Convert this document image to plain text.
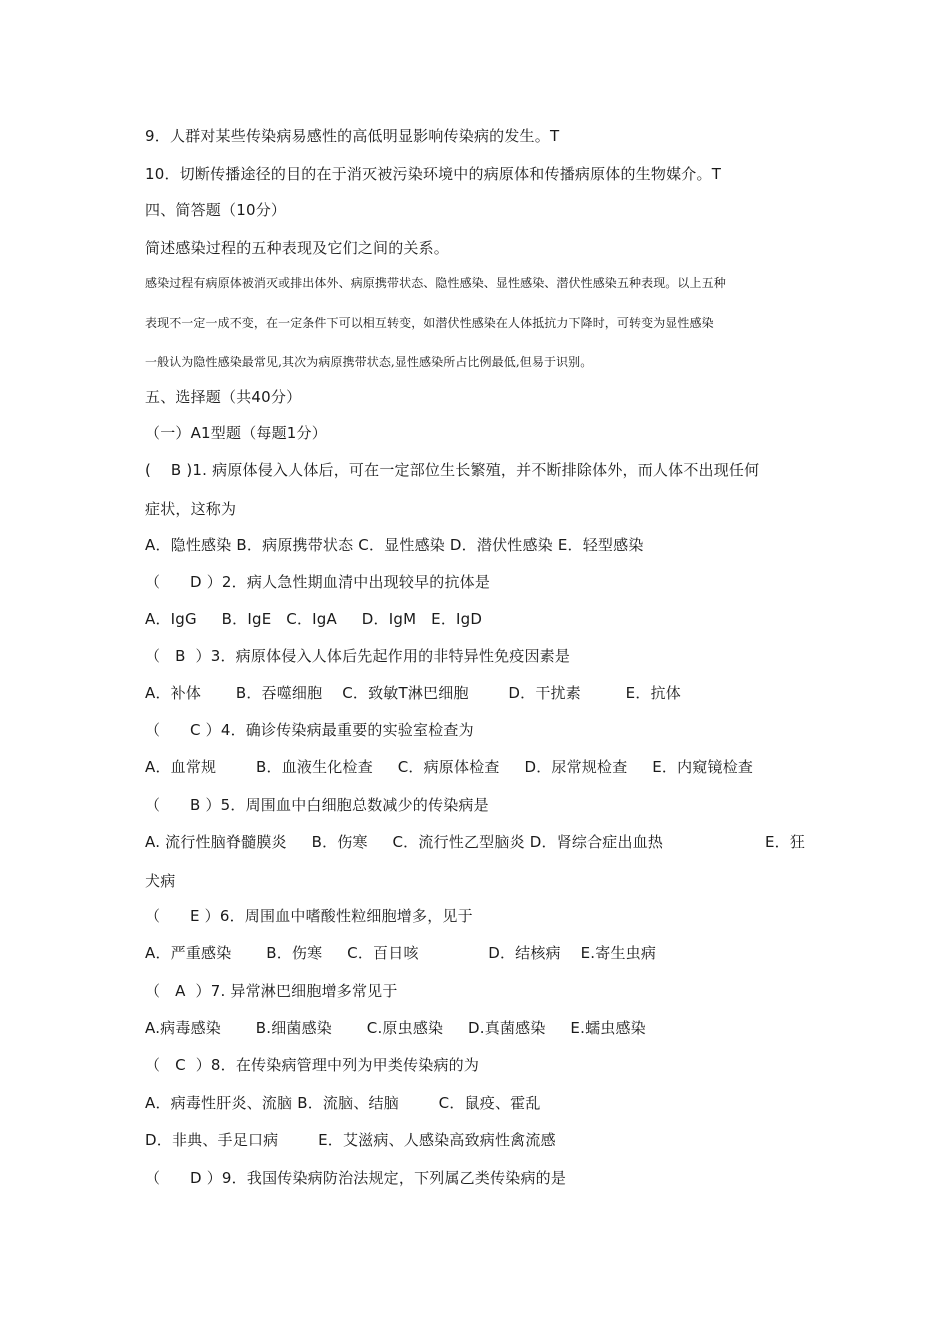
9．人群对某些传染病易感性的高低明显影响传染病的发生。T
10．切断传播途径的目的在于消灭被污染环境中的病原体和传播病原体的生物媒介。T
四、简答题（10分）
简述感染过程的五种表现及它们之间的关系。
感染过程有病原体被消灭或排出体外、病原携带状态、隐性感染、显性感染、潜伏性感染五种表现。以上五种
表现不一定一成不变，在一定条件下可以相互转变，如潜伏性感染在人体抵抗力下降时，可转变为显性感染
一般认为隐性感染最常见,其次为病原携带状态,显性感染所占比例最低,但易于识别。
五、选择题（共40分）
（一）A1型题（每题1分）
(    B )1. 病原体侵入人体后，可在一定部位生长繁殖，并不断排除体外，而人体不出现任何
症状，这称为
A．隐性感染 B．病原携带状态 C．显性感染 D．潜伏性感染 E．轻型感染
（      D ）2．病人急性期血清中出现较早的抗体是
A．IgG     B．IgE   C．IgA     D．IgM   E．IgD
（   B  ）3．病原体侵入人体后先起作用的非特异性免疫因素是
A．补体       B．吞噬细胞    C．致敏T淋巴细胞        D．干扰素         E．抗体
（      C ）4．确诊传染病最重要的实验室检查为
A．血常规        B．血液生化检查     C．病原体检查     D．尿常规检查     E．内窥镜检查
（      B ）5．周围血中白细胞总数减少的传染病是
A. 流行性脑脊髓膜炎     B．伤寒     C．流行性乙型脑炎 D．肾综合症出血热	E．狂
犬病
（      E ）6．周围血中嗜酸性粒细胞增多，见于
A．严重感染       B．伤寒     C．百日咳              D．结核病    E.寄生虫病
（   A  ）7. 异常淋巴细胞增多常见于
A.病毒感染       B.细菌感染       C.原虫感染     D.真菌感染     E.蠕虫感染
（   C  ）8．在传染病管理中列为甲类传染病的为
A．病毒性肝炎、流脑 B．流脑、结脑        C．鼠疫、霍乱
D．非典、手足口病        E．艾滋病、人感染高致病性禽流感
（      D ）9．我国传染病防治法规定，下列属乙类传染病的是
